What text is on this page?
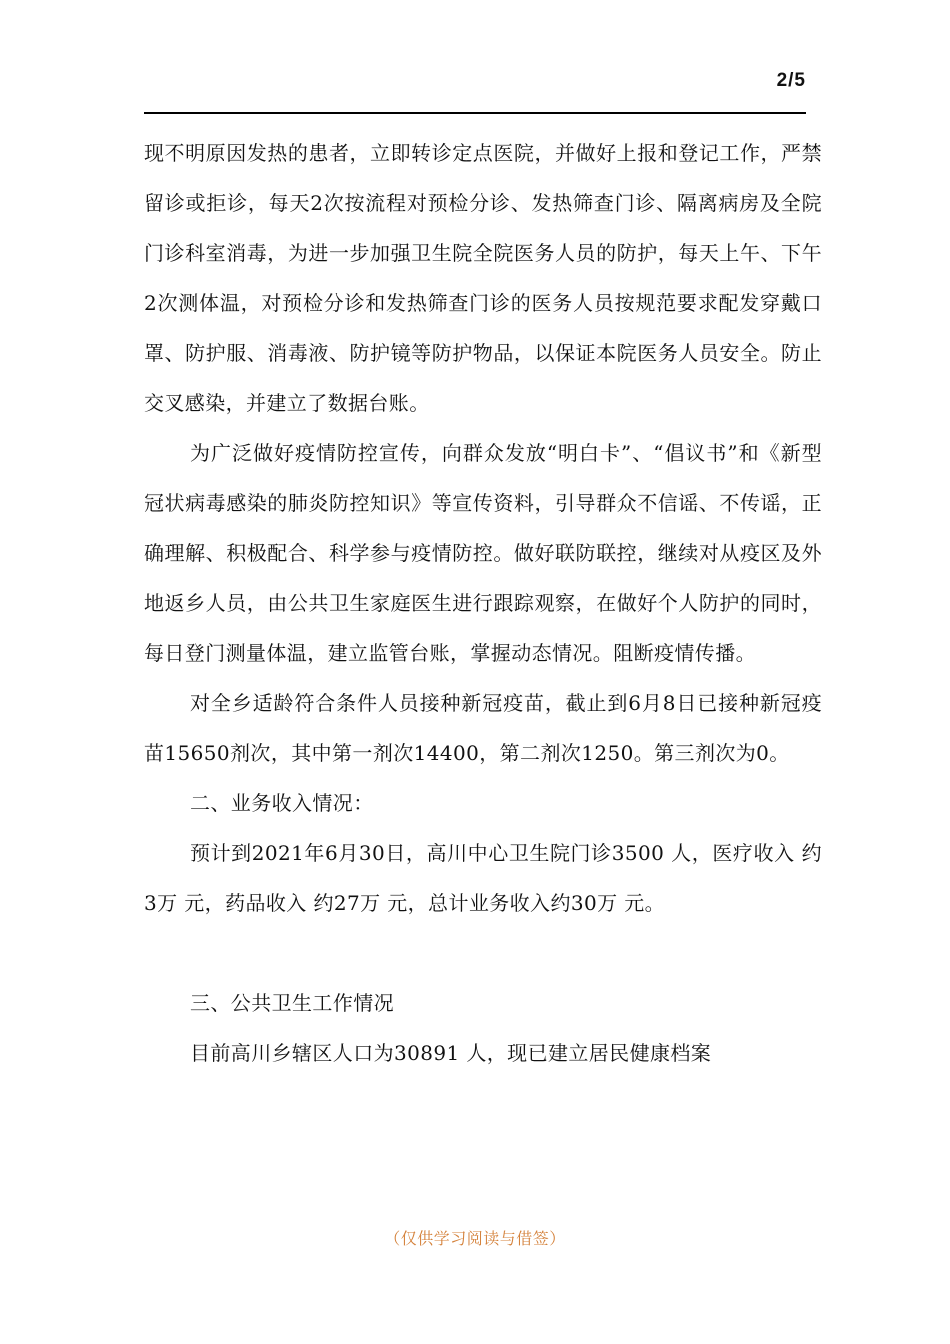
2/5

现不明原因发热的患者，立即转诊定点医院，并做好上报和登记工作，严禁留诊或拒诊，每天2次按流程对预检分诊、发热筛查门诊、隔离病房及全院门诊科室消毒，为进一步加强卫生院全院医务人员的防护，每天上午、下午2次测体温，对预检分诊和发热筛查门诊的医务人员按规范要求配发穿戴口罩、防护服、消毒液、防护镜等防护物品，以保证本院医务人员安全。防止交叉感染，并建立了数据台账。

为广泛做好疫情防控宣传，向群众发放“明白卡”、“倡议书”和《新型冠状病毒感染的肺炎防控知识》等宣传资料，引导群众不信谣、不传谣，正确理解、积极配合、科学参与疫情防控。做好联防联控，继续对从疫区及外地返乡人员，由公共卫生家庭医生进行跟踪观察，在做好个人防护的同时，每日登门测量体温，建立监管台账，掌握动态情况。阻断疫情传播。

对全乡适龄符合条件人员接种新冠疫苗，截止到6月8日已接种新冠疫苗15650剂次，其中第一剂次14400，第二剂次1250。第三剂次为0。

二、业务收入情况：

预计到2021年6月30日，高川中心卫生院门诊3500 人，医疗收入 约3万 元，药品收入 约27万 元，总计业务收入约30万 元。

三、公共卫生工作情况

目前高川乡辖区人口为30891 人，现已建立居民健康档案

（仅供学习阅读与借签）
